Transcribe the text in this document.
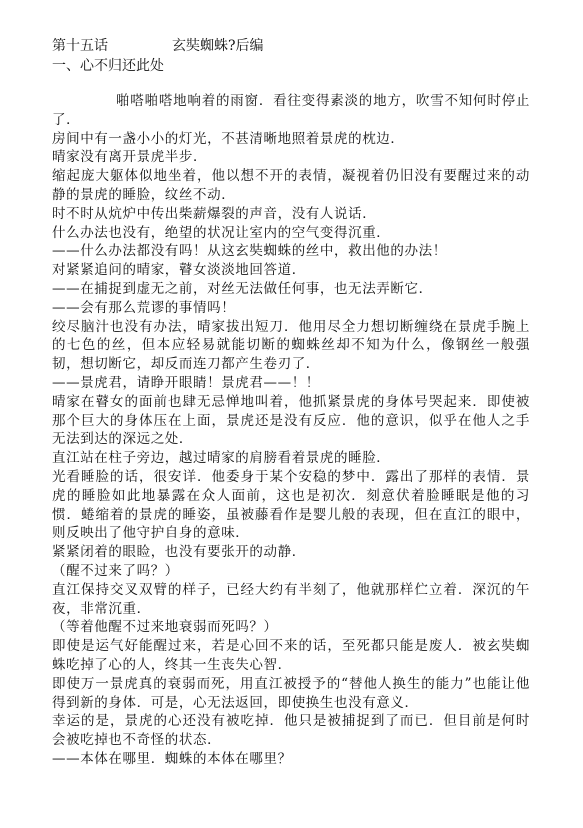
第十五话	玄奘蜘蛛?后编
一、心不归还此处

啪嗒啪嗒地响着的雨窗．看往变得素淡的地方，吹雪不知何时停止了．

房间中有一盏小小的灯光，不甚清晰地照着景虎的枕边．

晴家没有离开景虎半步．

缩起庞大躯体似地坐着，他以想不开的表情，凝视着仍旧没有要醒过来的动静的景虎的睡脸，纹丝不动．

时不时从炕炉中传出柴薪爆裂的声音，没有人说话．

什么办法也没有，绝望的状况让室内的空气变得沉重．

——什么办法都没有吗！从这玄奘蜘蛛的丝中，救出他的办法！

对紧紧追问的晴家，瞽女淡淡地回答道．

——在捕捉到虚无之前，对丝无法做任何事，也无法弄断它．

——会有那么荒谬的事情吗！

绞尽脑汁也没有办法，晴家拔出短刀．他用尽全力想切断缠绕在景虎手腕上的七色的丝，但本应轻易就能切断的蜘蛛丝却不知为什么，像钢丝一般强韧，想切断它，却反而连刀都产生卷刃了．

——景虎君，请睁开眼睛！景虎君——！！

晴家在瞽女的面前也肆无忌惮地叫着，他抓紧景虎的身体号哭起来．即使被那个巨大的身体压在上面，景虎还是没有反应．他的意识，似乎在他人之手无法到达的深远之处．

直江站在柱子旁边，越过晴家的肩膀看着景虎的睡脸．

光看睡脸的话，很安详．他委身于某个安稳的梦中．露出了那样的表情．景虎的睡脸如此地暴露在众人面前，这也是初次．刻意伏着脸睡眠是他的习惯．蜷缩着的景虎的睡姿，虽被藤看作是婴儿般的表现，但在直江的眼中，则反映出了他守护自身的意味．

紧紧闭着的眼睑，也没有要张开的动静．

（醒不过来了吗？）

直江保持交叉双臂的样子，已经大约有半刻了，他就那样伫立着．深沉的午夜，非常沉重．

（等着他醒不过来地衰弱而死吗？）

即使是运气好能醒过来，若是心回不来的话，至死都只能是废人．被玄奘蜘蛛吃掉了心的人，终其一生丧失心智．

即使万一景虎真的衰弱而死，用直江被授予的“替他人换生的能力”也能让他得到新的身体．可是，心无法返回，即使换生也没有意义．

幸运的是，景虎的心还没有被吃掉．他只是被捕捉到了而已．但目前是何时会被吃掉也不奇怪的状态．

——本体在哪里．蜘蛛的本体在哪里？
